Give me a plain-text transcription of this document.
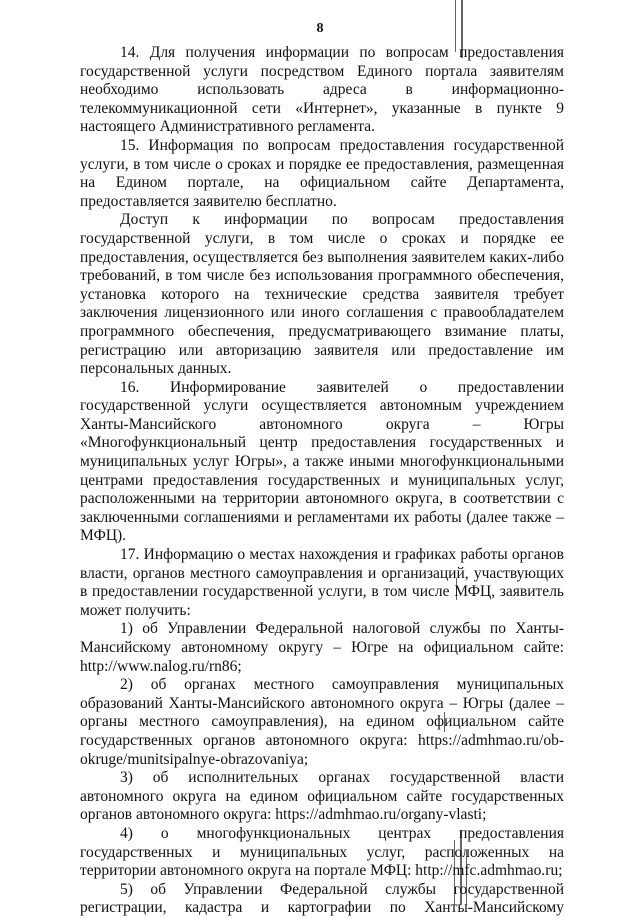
8

14. Для получения информации по вопросам предоставления государственной услуги посредством Единого портала заявителям необходимо использовать адреса в информационно-телекоммуникационной сети «Интернет», указанные в пункте 9 настоящего Административного регламента.

15. Информация по вопросам предоставления государственной услуги, в том числе о сроках и порядке ее предоставления, размещенная на Едином портале, на официальном сайте Департамента, предоставляется заявителю бесплатно.

Доступ к информации по вопросам предоставления государственной услуги, в том числе о сроках и порядке ее предоставления, осуществляется без выполнения заявителем каких-либо требований, в том числе без использования программного обеспечения, установка которого на технические средства заявителя требует заключения лицензионного или иного соглашения с правообладателем программного обеспечения, предусматривающего взимание платы, регистрацию или авторизацию заявителя или предоставление им персональных данных.

16. Информирование заявителей о предоставлении государственной услуги осуществляется автономным учреждением Ханты-Мансийского автономного округа – Югры «Многофункциональный центр предоставления государственных и муниципальных услуг Югры», а также иными многофункциональными центрами предоставления государственных и муниципальных услуг, расположенными на территории автономного округа, в соответствии с заключенными соглашениями и регламентами их работы (далее также – МФЦ).

17. Информацию о местах нахождения и графиках работы органов власти, органов местного самоуправления и организаций, участвующих в предоставлении государственной услуги, в том числе МФЦ, заявитель может получить:

1) об Управлении Федеральной налоговой службы по Ханты-Мансийскому автономному округу – Югре на официальном сайте: http://www.nalog.ru/rn86;

2) об органах местного самоуправления муниципальных образований Ханты-Мансийского автономного округа – Югры (далее – органы местного самоуправления), на едином официальном сайте государственных органов автономного округа: https://admhmao.ru/ob-okruge/munitsipalnye-obrazovaniya;

3) об исполнительных органах государственной власти автономного округа на едином официальном сайте государственных органов автономного округа: https://admhmao.ru/organy-vlasti;

4) о многофункциональных центрах предоставления государственных и муниципальных услуг, расположенных на территории автономного округа на портале МФЦ: http://mfc.admhmao.ru;

5) об Управлении Федеральной службы государственной регистрации, кадастра и картографии по Ханты-Мансийскому
